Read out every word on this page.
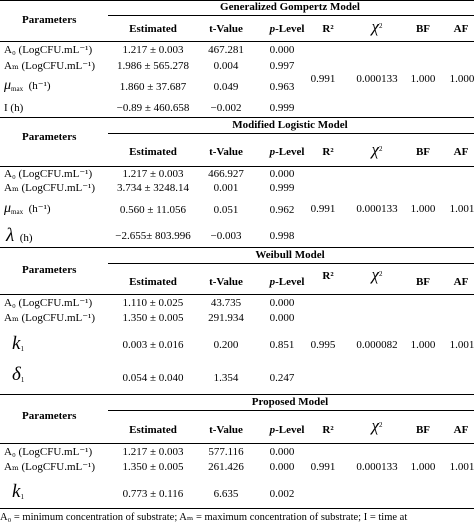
Parameters
Generalized Gompertz Model
Estimated	t-Value p-Level R² $\chi^2$	BF AF
A₀ (LogCFU.mL⁻¹)	1.217 ± 0.003 467.281 0.000
Aₘ (LogCFU.mL⁻¹) 1.986 ± 565.278 0.004	0.997
$\mu_{max}$ (h⁻¹)	1.860 ± 37.687 0.049	0.963
I (h)	−0.89 ± 460.658 −0.002	0.999
0.991 0.000133 1.000 1.000
Parameters
Modified Logistic Model
Estimated	t-Value p-Level R² $\chi^2$	BF AF
A₀ (LogCFU.mL⁻¹)	1.217 ± 0.003 466.927 0.000
Aₘ (LogCFU.mL⁻¹) 3.734 ± 3248.14 0.001	0.999
$\mu_{max}$ (h⁻¹)	0.560 ± 11.056	0.051	0.962
λ (h)	−2.655± 803.996 −0.003	0.998
0.991 0.000133 1.000 1.001
Parameters
Weibull Model
Estimated	t-Value p-Level R² $\chi^2$
BF AF
A₀ (LogCFU.mL⁻¹)	1.110 ± 0.025	43.735	0.000
Aₘ (LogCFU.mL⁻¹) 1.350 ± 0.005 291.934 0.000
$k_1$	0.003 ± 0.016	0.200	0.851
$\delta_1$	0.054 ± 0.040	1.354	0.247
0.995 0.000082 1.000 1.001
Parameters
Proposed Model
Estimated	t-Value p-Level R² $\chi^2$	BF AF
A₀ (LogCFU.mL⁻¹)	1.217 ± 0.003 577.116 0.000
Aₘ (LogCFU.mL⁻¹) 1.350 ± 0.005 261.426 0.000
$k_1$	0.773 ± 0.116	6.635	0.002
0.991 0.000133 1.000 1.001
A₀ = minimum concentration of substrate; Aₘ = maximum concentration of substrate; I = time at
